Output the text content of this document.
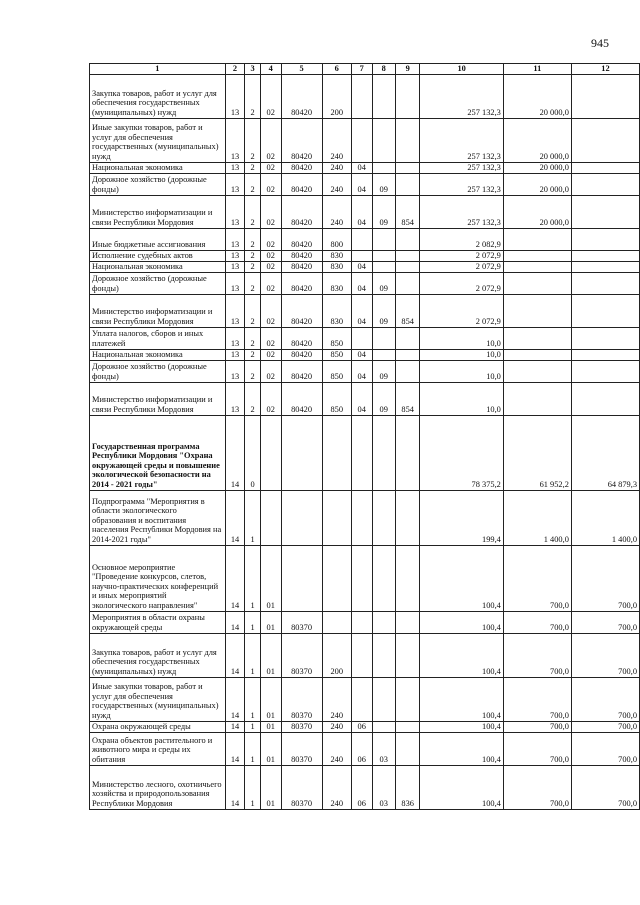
945
1	2	3	4	5	6	7	8	9	10	11	12
Закупка товаров, работ и услуг для обеспечения государственных (муниципальных) нужд	13	2	02	80420	200				257 132,3	20 000,0	
Иные закупки товаров, работ и услуг для обеспечения государственных (муниципальных) нужд	13	2	02	80420	240				257 132,3	20 000,0	
Национальная экономика	13	2	02	80420	240	04			257 132,3	20 000,0	
Дорожное хозяйство (дорожные фонды)	13	2	02	80420	240	04	09		257 132,3	20 000,0	
Министерство информатизации и связи Республики Мордовия	13	2	02	80420	240	04	09	854	257 132,3	20 000,0	
Иные бюджетные ассигнования	13	2	02	80420	800				2 082,9		
Исполнение судебных актов	13	2	02	80420	830				2 072,9		
Национальная экономика	13	2	02	80420	830	04			2 072,9		
Дорожное хозяйство (дорожные фонды)	13	2	02	80420	830	04	09		2 072,9		
Министерство информатизации и связи Республики Мордовия	13	2	02	80420	830	04	09	854	2 072,9		
Уплата налогов, сборов и иных платежей	13	2	02	80420	850				10,0		
Национальная экономика	13	2	02	80420	850	04			10,0		
Дорожное хозяйство (дорожные фонды)	13	2	02	80420	850	04	09		10,0		
Министерство информатизации и связи Республики Мордовия	13	2	02	80420	850	04	09	854	10,0		
Государственная программа Республики Мордовия "Охрана окружающей среды и повышение экологической безопасности на 2014 - 2021 годы"	14	0							78 375,2	61 952,2	64 879,3
Подпрограмма "Мероприятия в области экологического образования и воспитания населения Республики Мордовия на 2014-2021 годы"	14	1							199,4	1 400,0	1 400,0
Основное мероприятие "Проведение конкурсов, слетов, научно-практических конференций и иных мероприятий экологического направления"	14	1	01						100,4	700,0	700,0
Мероприятия в области охраны окружающей среды	14	1	01	80370					100,4	700,0	700,0
Закупка товаров, работ и услуг для обеспечения государственных (муниципальных) нужд	14	1	01	80370	200				100,4	700,0	700,0
Иные закупки товаров, работ и услуг для обеспечения государственных (муниципальных) нужд	14	1	01	80370	240				100,4	700,0	700,0
Охрана окружающей среды	14	1	01	80370	240	06			100,4	700,0	700,0
Охрана объектов растительного и животного мира и среды их обитания	14	1	01	80370	240	06	03		100,4	700,0	700,0
Министерство лесного, охотничьего хозяйства и природопользования Республики Мордовия	14	1	01	80370	240	06	03	836	100,4	700,0	700,0
